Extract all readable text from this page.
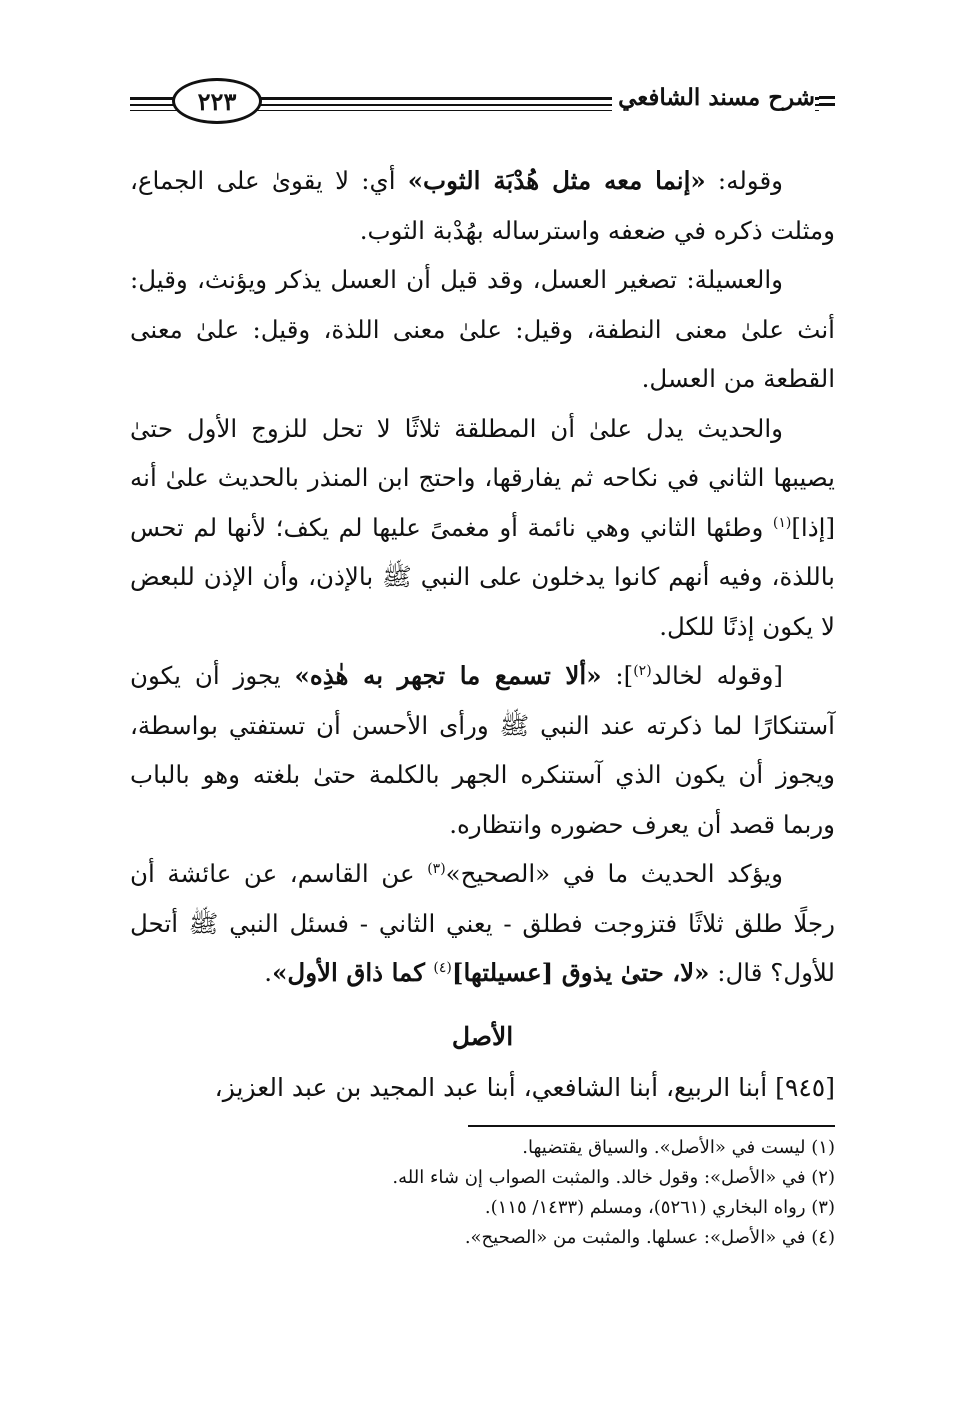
٢٢٣	شرح مسند الشافعي

وقوله: «إنما معه مثل هُدْبَة الثوب» أي: لا يقوىٰ على الجماع، ومثلت ذكره في ضعفه واسترساله بهُدْبة الثوب.

والعسيلة: تصغير العسل، وقد قيل أن العسل يذكر ويؤنث، وقيل: أنث علىٰ معنى النطفة، وقيل: علىٰ معنى اللذة، وقيل: علىٰ معنى القطعة من العسل.

والحديث يدل علىٰ أن المطلقة ثلاثًا لا تحل للزوج الأول حتىٰ يصيبها الثاني في نكاحه ثم يفارقها، واحتج ابن المنذر بالحديث علىٰ أنه [إذا]$^{(١)}$ وطئها الثاني وهي نائمة أو مغمىً عليها لم يكف؛ لأنها لم تحس باللذة، وفيه أنهم كانوا يدخلون على النبي ﷺ بالإذن، وأن الإذن للبعض لا يكون إذنًا للكل.

[وقوله لخالد$^{(٢)}$]: «ألا تسمع ما تجهر به هٰذِه» يجوز أن يكون آستنكارًا لما ذكرته عند النبي ﷺ ورأى الأحسن أن تستفتي بواسطة، ويجوز أن يكون الذي آستنكره الجهر بالكلمة حتىٰ بلغته وهو بالباب وربما قصد أن يعرف حضوره وانتظاره.

ويؤكد الحديث ما في «الصحيح»$^{(٣)}$ عن القاسم، عن عائشة أن رجلًا طلق ثلاثًا فتزوجت فطلق - يعني الثاني - فسئل النبي ﷺ أتحل للأول؟ قال: «لا، حتىٰ يذوق [عسيلتها]$^{(٤)}$ كما ذاق الأول».

الأصل

[٩٤٥] أبنا الربيع، أبنا الشافعي، أبنا عبد المجيد بن عبد العزيز،

(١) ليست في «الأصل». والسياق يقتضيها.

(٢) في «الأصل»: وقول خالد. والمثبت الصواب إن شاء الله.

(٣) رواه البخاري (٥٢٦١)، ومسلم (١٤٣٣/ ١١٥).

(٤) في «الأصل»: عسلها. والمثبت من «الصحيح».
